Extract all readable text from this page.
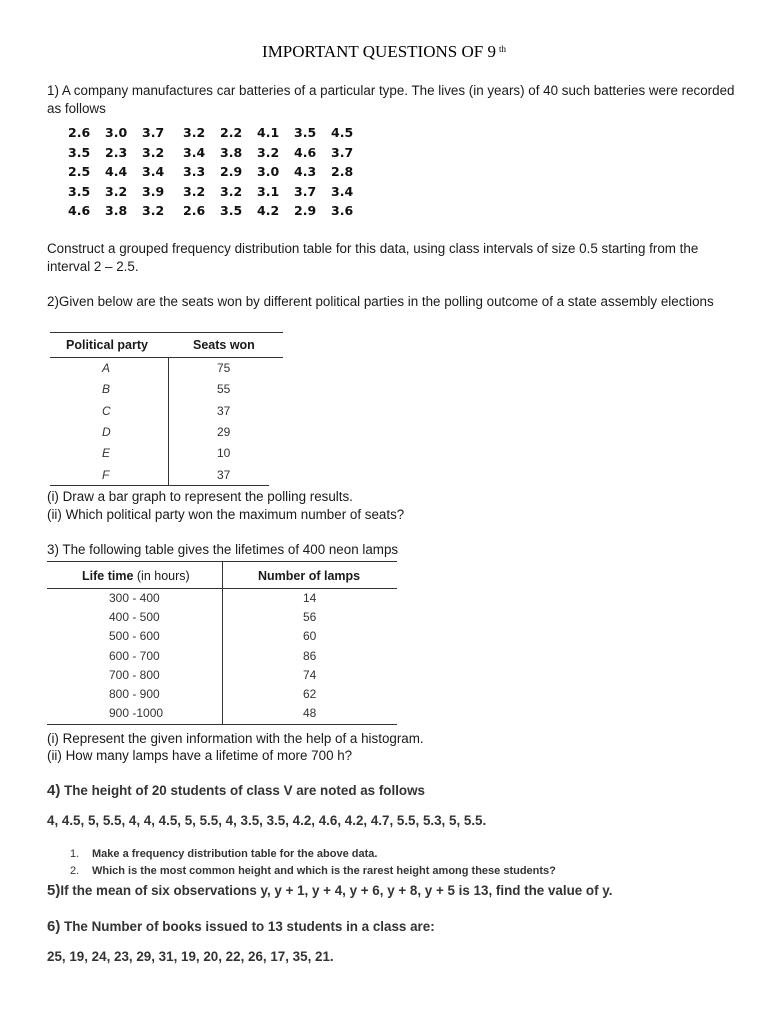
IMPORTANT QUESTIONS OF 9 $^{th}$
1) A company manufactures car batteries of a particular type. The lives (in years) of 40 such batteries were recorded as follows
2.6	3.0	3.7	3.2	2.2	4.1	3.5	4.5
3.5	2.3	3.2	3.4	3.8	3.2	4.6	3.7
2.5	4.4	3.4	3.3	2.9	3.0	4.3	2.8
3.5	3.2	3.9	3.2	3.2	3.1	3.7	3.4
4.6	3.8	3.2	2.6	3.5	4.2	2.9	3.6
Construct a grouped frequency distribution table for this data, using class intervals of size 0.5 starting from the interval 2 – 2.5.
2)Given below are the seats won by different political parties in the polling outcome of a state assembly elections
Political party	Seats won
A	75
B	55
C	37
D	29
E	10
F	37
(i) Draw a bar graph to represent the polling results.
(ii) Which political party won the maximum number of seats?
3) The following table gives the lifetimes of 400 neon lamps
Life time (in hours)	Number of lamps
300 - 400	14
400 - 500	56
500 - 600	60
600 - 700	86
700 - 800	74
800 - 900	62
900 -1000	48
(i) Represent the given information with the help of a histogram.
(ii) How many lamps have a lifetime of more 700 h?
4) The height of 20 students of class V are noted as follows
4, 4.5, 5, 5.5, 4, 4, 4.5, 5, 5.5, 4, 3.5, 3.5, 4.2, 4.6, 4.2, 4.7, 5.5, 5.3, 5, 5.5.
1.	Make a frequency distribution table for the above data.
2.	Which is the most common height and which is the rarest height among these students?
5)If the mean of six observations y, y + 1, y + 4, y + 6, y + 8, y + 5 is 13, find the value of y.
6) The Number of books issued to 13 students in a class are:
25, 19, 24, 23, 29, 31, 19, 20, 22, 26, 17, 35, 21.
